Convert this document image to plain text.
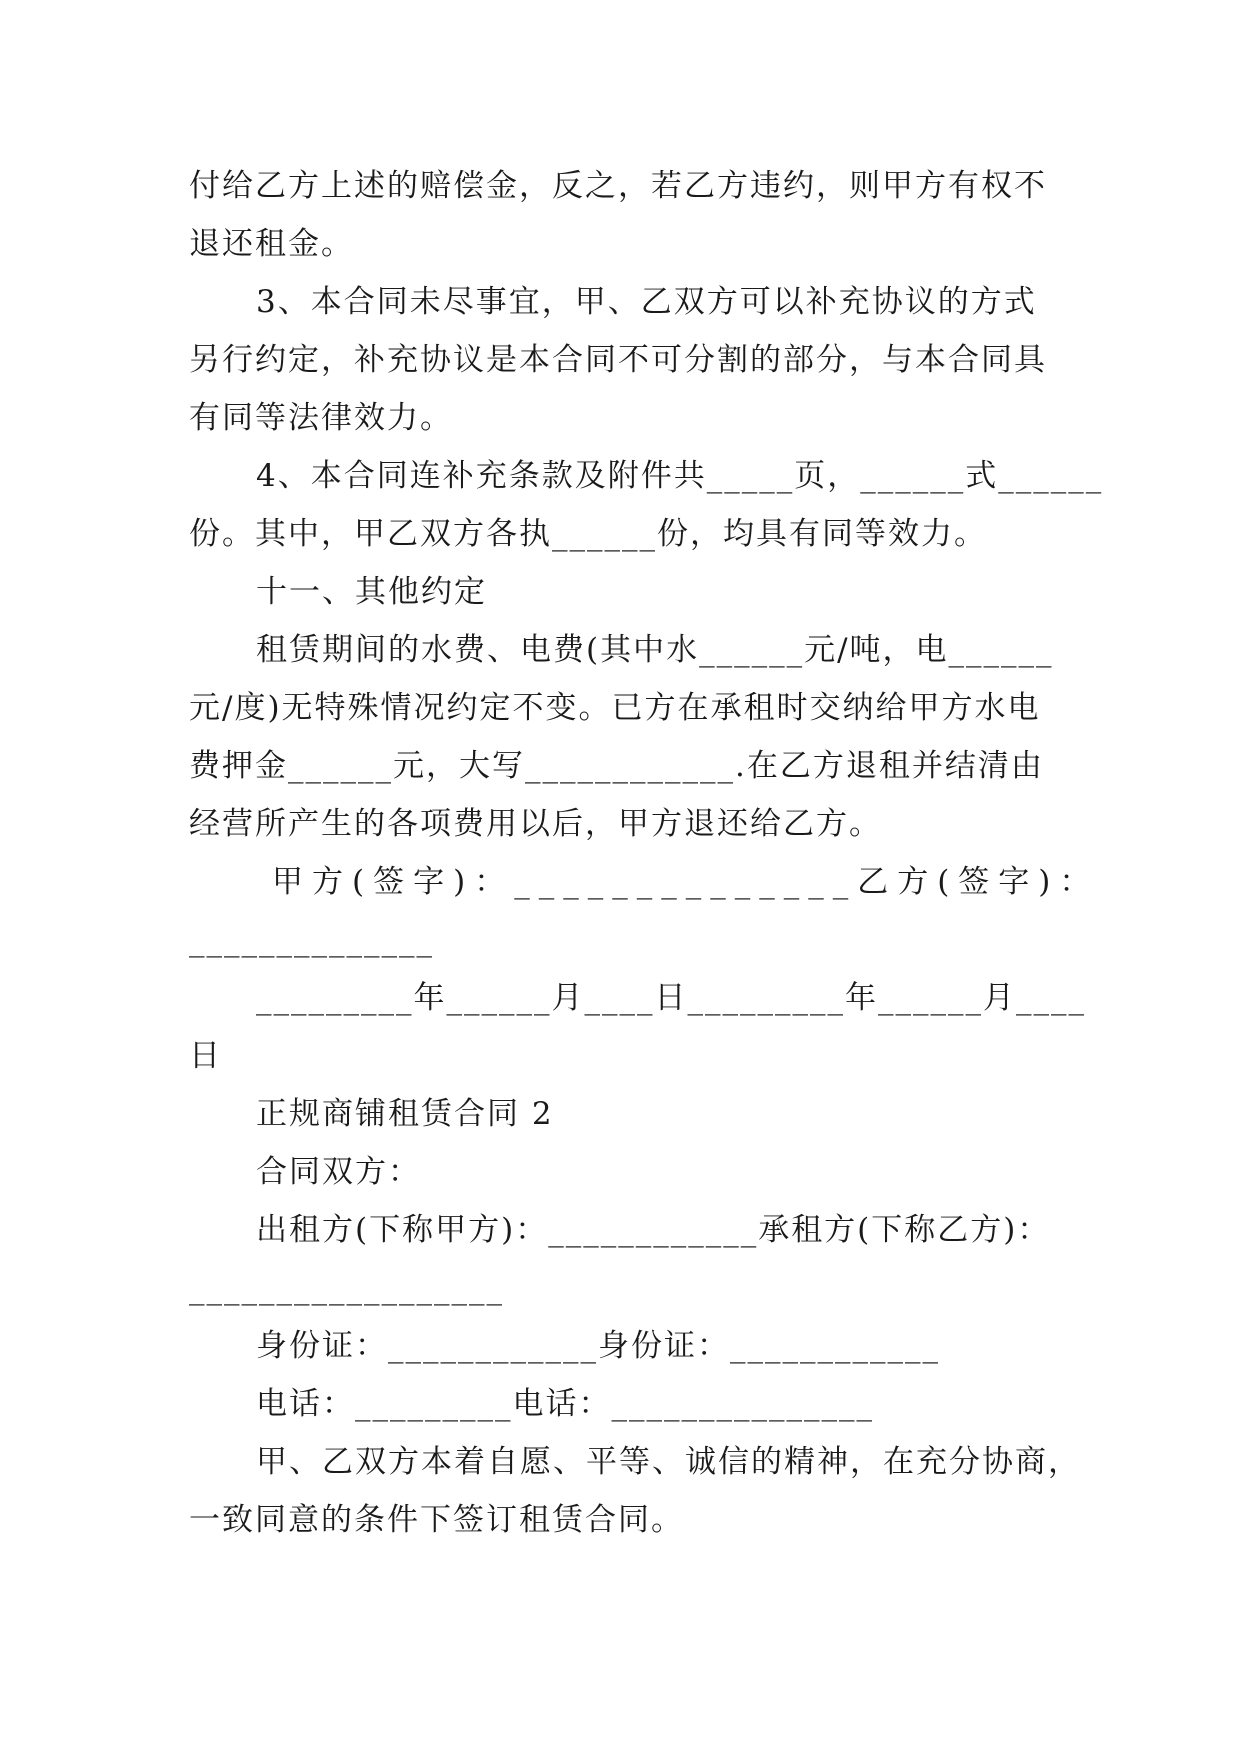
付给乙方上述的赔偿金，反之，若乙方违约，则甲方有权不
退还租金。
3、本合同未尽事宜，甲、乙双方可以补充协议的方式
另行约定，补充协议是本合同不可分割的部分，与本合同具
有同等法律效力。
4、本合同连补充条款及附件共_____页，______式______
份。其中，甲乙双方各执______份，均具有同等效力。
十一、其他约定
租赁期间的水费、电费(其中水______元/吨，电______
元/度)无特殊情况约定不变。已方在承租时交纳给甲方水电
费押金______元，大写____________.在乙方退租并结清由
经营所产生的各项费用以后，甲方退还给乙方。
甲方(签字)：______________乙方(签字)：
______________
_________年______月____日_________年______月____
日
正规商铺租赁合同 2
合同双方：
出租方(下称甲方)：____________承租方(下称乙方)：
__________________
身份证：____________身份证：____________
电话：_________电话：_______________
甲、乙双方本着自愿、平等、诚信的精神，在充分协商，
一致同意的条件下签订租赁合同。
